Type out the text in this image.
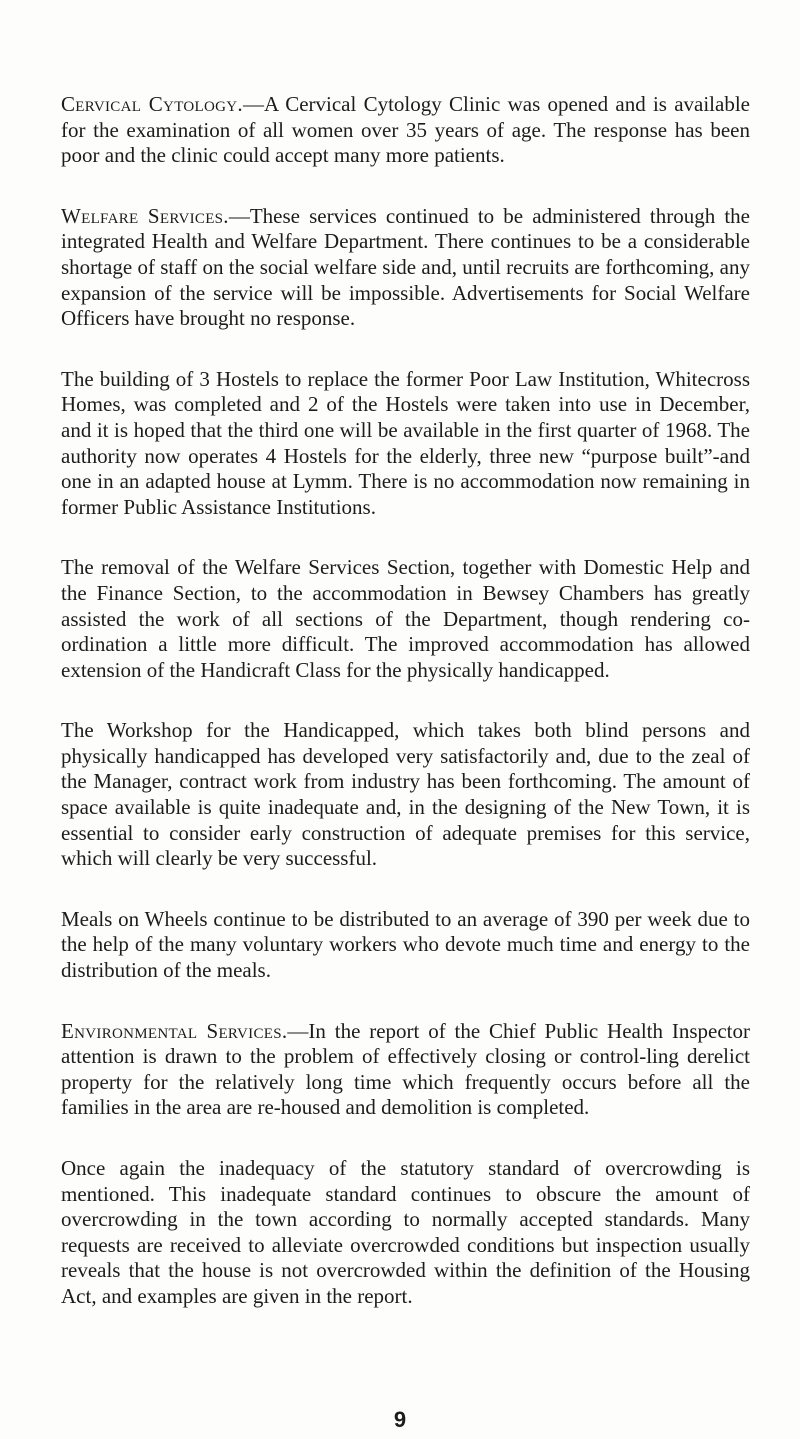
Cervical Cytology.—A Cervical Cytology Clinic was opened and is available for the examination of all women over 35 years of age. The response has been poor and the clinic could accept many more patients.

Welfare Services.—These services continued to be administered through the integrated Health and Welfare Department. There continues to be a considerable shortage of staff on the social welfare side and, until recruits are forthcoming, any expansion of the service will be impossible. Advertisements for Social Welfare Officers have brought no response.

The building of 3 Hostels to replace the former Poor Law Institution, Whitecross Homes, was completed and 2 of the Hostels were taken into use in December, and it is hoped that the third one will be available in the first quarter of 1968. The authority now operates 4 Hostels for the elderly, three new “purpose built”-and one in an adapted house at Lymm. There is no accommodation now remaining in former Public Assistance Institutions.

The removal of the Welfare Services Section, together with Domestic Help and the Finance Section, to the accommodation in Bewsey Chambers has greatly assisted the work of all sections of the Department, though rendering co-ordination a little more difficult. The improved accommodation has allowed extension of the Handicraft Class for the physically handicapped.

The Workshop for the Handicapped, which takes both blind persons and physically handicapped has developed very satisfactorily and, due to the zeal of the Manager, contract work from industry has been forthcoming. The amount of space available is quite inadequate and, in the designing of the New Town, it is essential to consider early construction of adequate premises for this service, which will clearly be very successful.

Meals on Wheels continue to be distributed to an average of 390 per week due to the help of the many voluntary workers who devote much time and energy to the distribution of the meals.

Environmental Services.—In the report of the Chief Public Health Inspector attention is drawn to the problem of effectively closing or control-ling derelict property for the relatively long time which frequently occurs before all the families in the area are re-housed and demolition is completed.

Once again the inadequacy of the statutory standard of overcrowding is mentioned. This inadequate standard continues to obscure the amount of overcrowding in the town according to normally accepted standards. Many requests are received to alleviate overcrowded conditions but inspection usually reveals that the house is not overcrowded within the definition of the Housing Act, and examples are given in the report.

9
